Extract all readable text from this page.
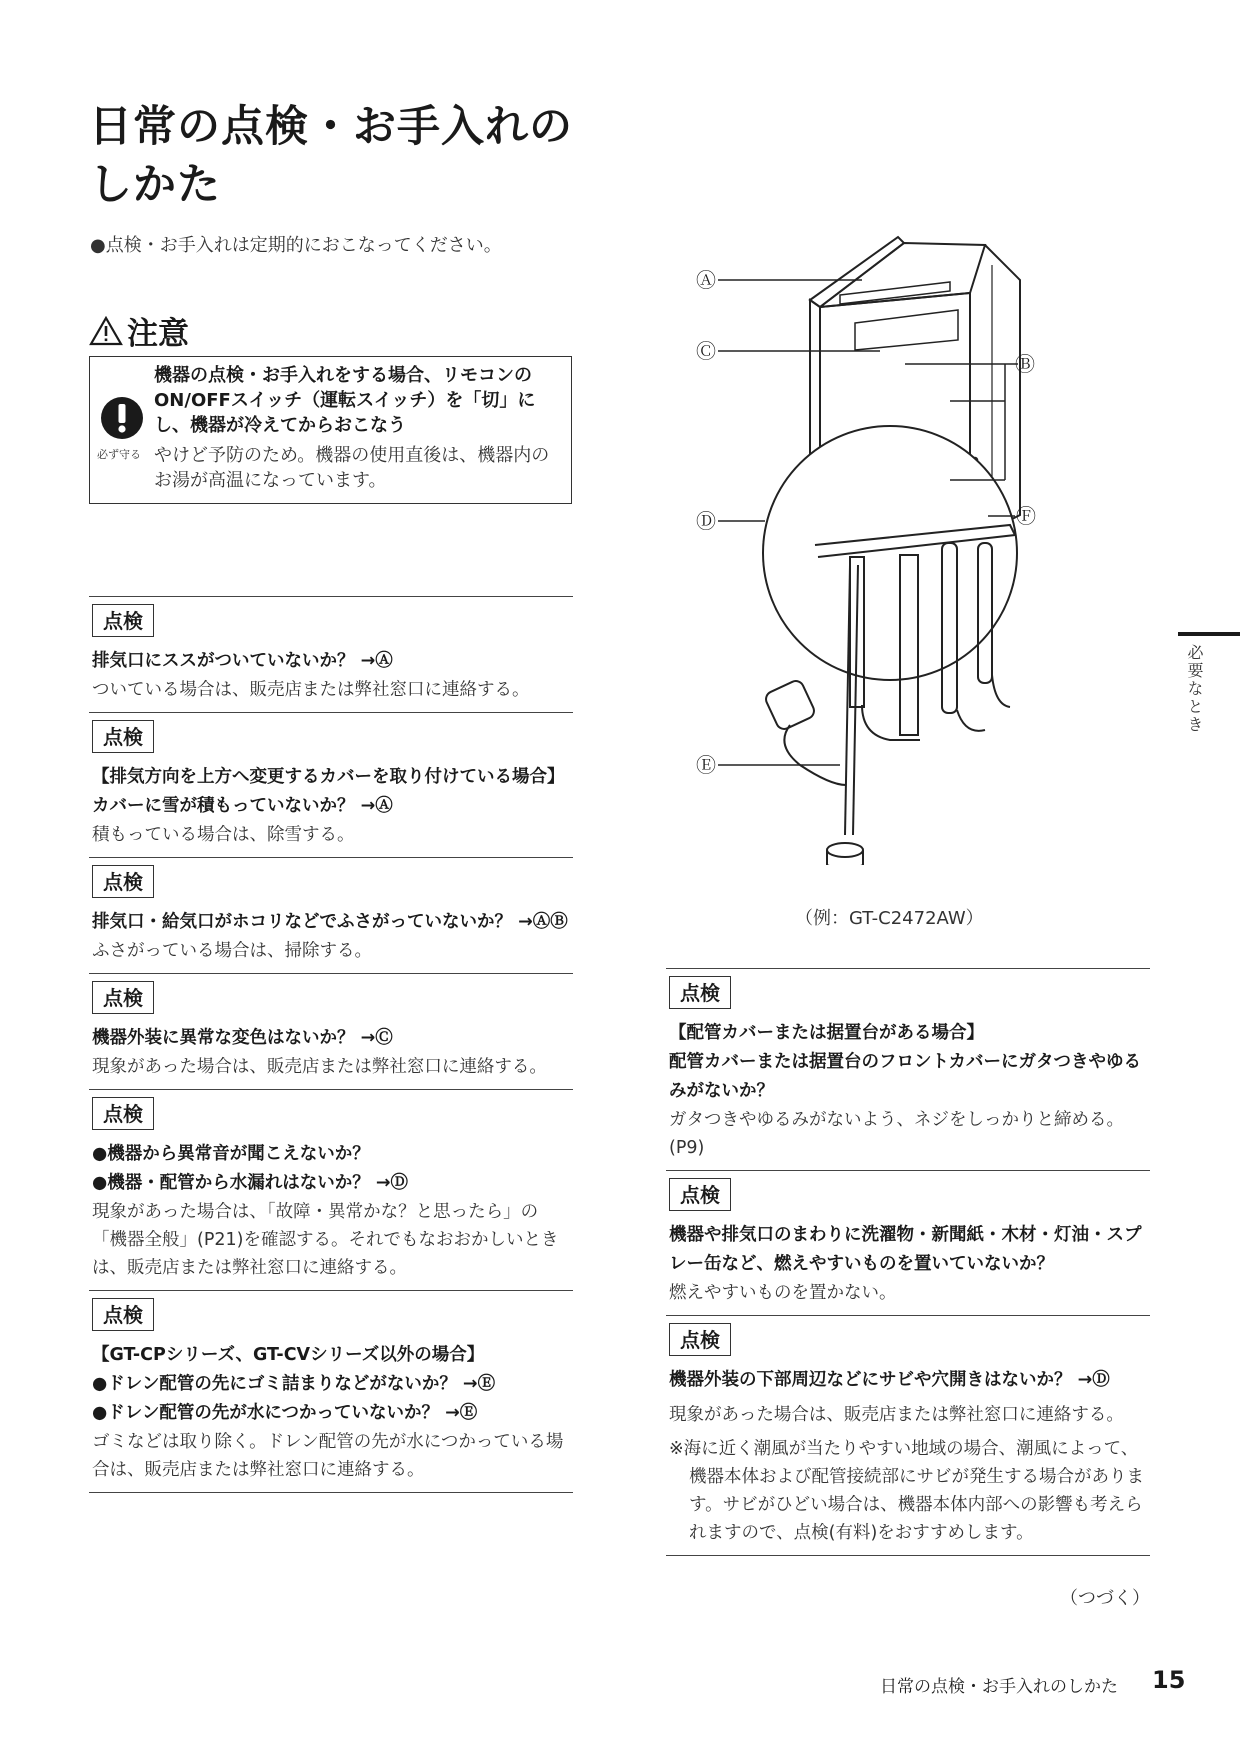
日常の点検・お手入れのしかた
●点検・お手入れは定期的におこなってください。
注意
必ず守る
機器の点検・お手入れをする場合、リモコンのON/OFFスイッチ（運転スイッチ）を「切」にし、機器が冷えてからおこなう
やけど予防のため。機器の使用直後は、機器内のお湯が高温になっています。
点検
排気口にススがついていないか？ →Ⓐ
ついている場合は、販売店または弊社窓口に連絡する。
点検
【排気方向を上方へ変更するカバーを取り付けている場合】
カバーに雪が積もっていないか？ →Ⓐ
積もっている場合は、除雪する。
点検
排気口・給気口がホコリなどでふさがっていないか？ →ⒶⒷ
ふさがっている場合は、掃除する。
点検
機器外装に異常な変色はないか？ →Ⓒ
現象があった場合は、販売店または弊社窓口に連絡する。
点検
●機器から異常音が聞こえないか？
●機器・配管から水漏れはないか？ →Ⓓ
現象があった場合は、「故障・異常かな？と思ったら」の「機器全般」(P21)を確認する。それでもなおおかしいときは、販売店または弊社窓口に連絡する。
点検
【GT-CPシリーズ、GT-CVシリーズ以外の場合】
●ドレン配管の先にゴミ詰まりなどがないか？ →Ⓔ
●ドレン配管の先が水につかっていないか？ →Ⓔ
ゴミなどは取り除く。ドレン配管の先が水につかっている場合は、販売店または弊社窓口に連絡する。
Ⓐ
Ⓒ
Ⓑ
Ⓓ	Ⓕ
Ⓔ
（例：GT-C2472AW）
点検
【配管カバーまたは据置台がある場合】
配管カバーまたは据置台のフロントカバーにガタつきやゆるみがないか？
ガタつきやゆるみがないよう、ネジをしっかりと締める。(P9)
点検
機器や排気口のまわりに洗濯物・新聞紙・木材・灯油・スプレー缶など、燃えやすいものを置いていないか？
燃えやすいものを置かない。
点検
機器外装の下部周辺などにサビや穴開きはないか？ →Ⓓ
現象があった場合は、販売店または弊社窓口に連絡する。
※海に近く潮風が当たりやすい地域の場合、潮風によって、機器本体および配管接続部にサビが発生する場合があります。サビがひどい場合は、機器本体内部への影響も考えられますので、点検(有料)をおすすめします。
必要なとき
（つづく）
日常の点検・お手入れのしかた 15
